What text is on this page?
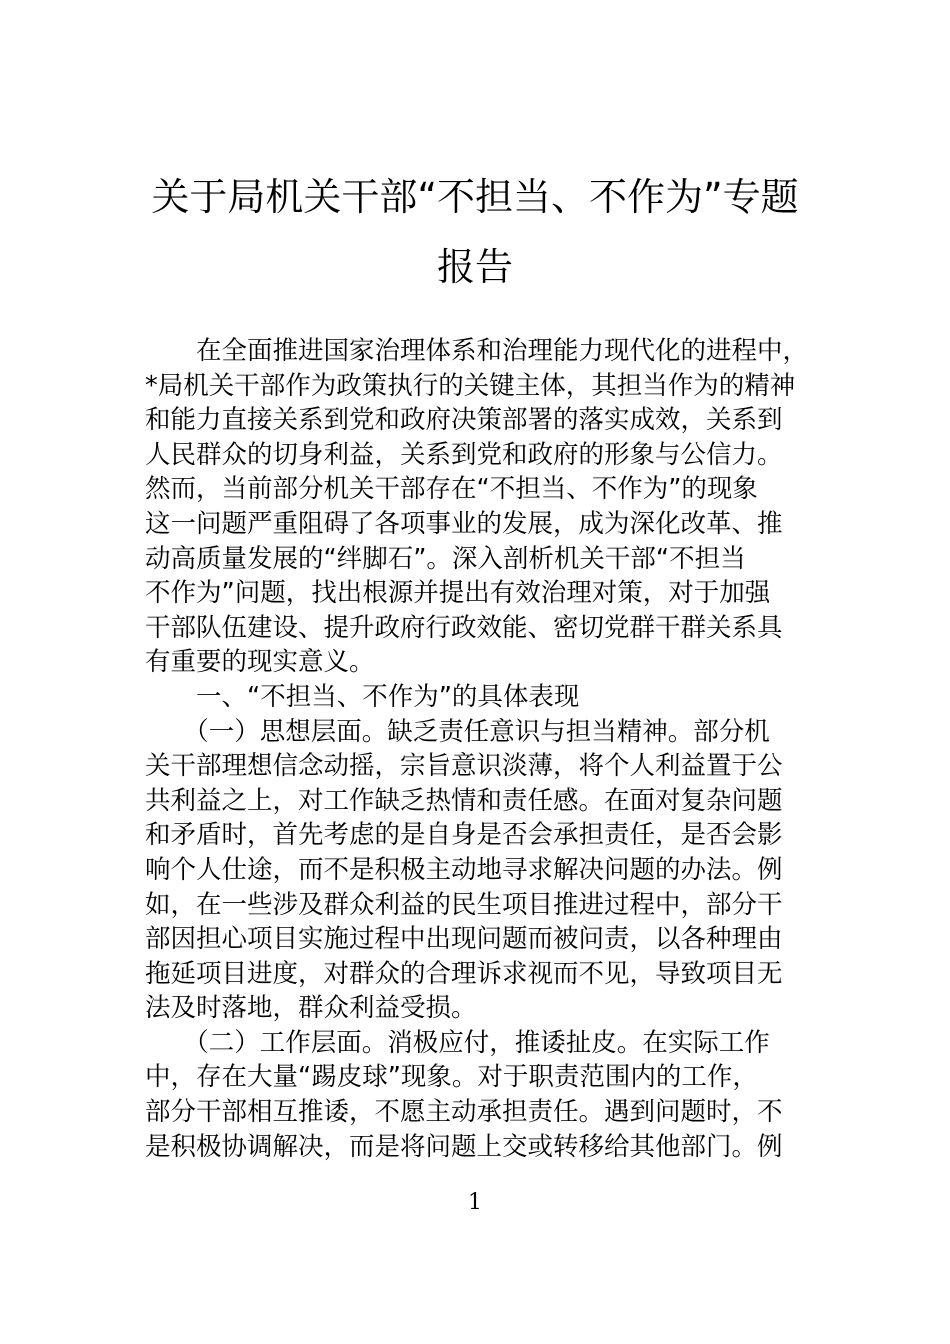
关于局机关干部“不担当、不作为”专题
报告
　　在全面推进国家治理体系和治理能力现代化的进程中，
*局机关干部作为政策执行的关键主体，其担当作为的精神
和能力直接关系到党和政府决策部署的落实成效，关系到
人民群众的切身利益，关系到党和政府的形象与公信力。
然而，当前部分机关干部存在“不担当、不作为”的现象
这一问题严重阻碍了各项事业的发展，成为深化改革、推
动高质量发展的“绊脚石”。深入剖析机关干部“不担当
不作为”问题，找出根源并提出有效治理对策，对于加强
干部队伍建设、提升政府行政效能、密切党群干群关系具
有重要的现实意义。
　　一、“不担当、不作为”的具体表现
　　（一）思想层面。缺乏责任意识与担当精神。部分机
关干部理想信念动摇，宗旨意识淡薄，将个人利益置于公
共利益之上，对工作缺乏热情和责任感。在面对复杂问题
和矛盾时，首先考虑的是自身是否会承担责任，是否会影
响个人仕途，而不是积极主动地寻求解决问题的办法。例
如，在一些涉及群众利益的民生项目推进过程中，部分干
部因担心项目实施过程中出现问题而被问责，以各种理由
拖延项目进度，对群众的合理诉求视而不见，导致项目无
法及时落地，群众利益受损。
　　（二）工作层面。消极应付，推诿扯皮。在实际工作
中，存在大量“踢皮球”现象。对于职责范围内的工作，
部分干部相互推诿，不愿主动承担责任。遇到问题时，不
是积极协调解决，而是将问题上交或转移给其他部门。例
1
